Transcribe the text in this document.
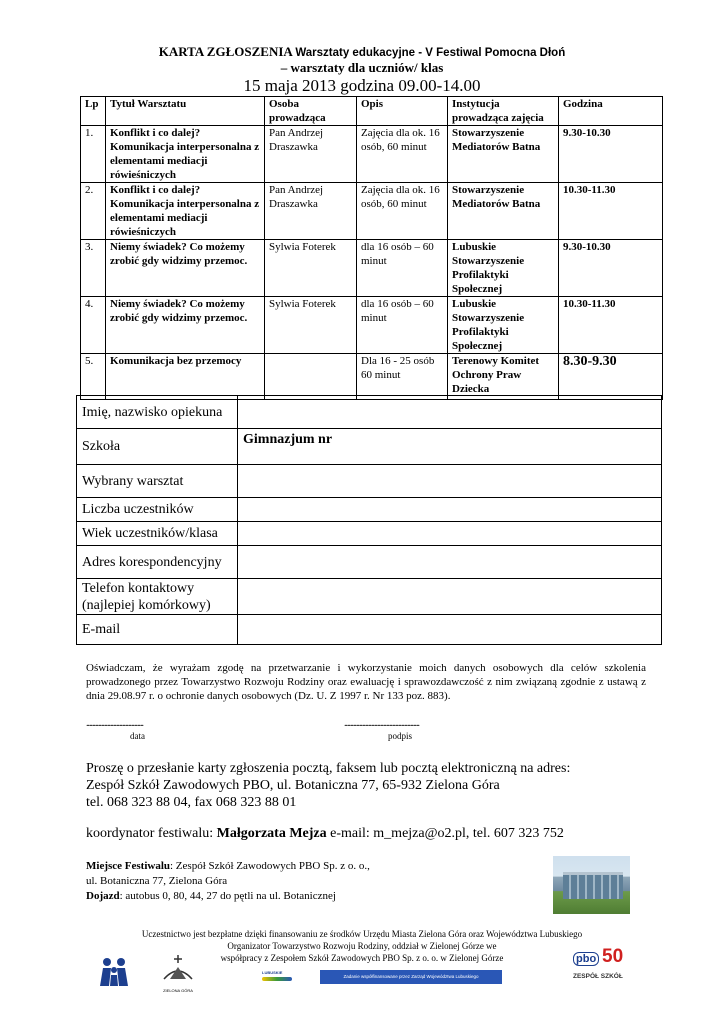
KARTA ZGŁOSZENIA Warsztaty edukacyjne - V Festiwal Pomocna Dłoń
– warsztaty dla uczniów/ klas
15 maja 2013 godzina 09.00-14.00
Lp	Tytuł Warsztatu	Osoba prowadząca	Opis	Instytucja prowadząca zajęcia	Godzina
1.	Konflikt i co dalej? Komunikacja interpersonalna z elementami mediacji rówieśniczych	Pan Andrzej Draszawka	Zajęcia dla ok. 16 osób, 60 minut	Stowarzyszenie Mediatorów Batna	9.30-10.30
2.	Konflikt i co dalej? Komunikacja interpersonalna z elementami mediacji rówieśniczych	Pan Andrzej Draszawka	Zajęcia dla ok. 16 osób, 60 minut	Stowarzyszenie Mediatorów Batna	10.30-11.30
3.	Niemy świadek? Co możemy zrobić gdy widzimy przemoc.	Sylwia Foterek	dla 16 osób – 60 minut	Lubuskie Stowarzyszenie Profilaktyki Społecznej	9.30-10.30
4.	Niemy świadek? Co możemy zrobić gdy widzimy przemoc.	Sylwia Foterek	dla 16 osób – 60 minut	Lubuskie Stowarzyszenie Profilaktyki Społecznej	10.30-11.30
5.	Komunikacja bez przemocy		Dla 16 - 25 osób 60 minut	Terenowy Komitet Ochrony Praw Dziecka	8.30-9.30
Imię, nazwisko opiekuna	
Szkoła	Gimnazjum nr
Wybrany warsztat	
Liczba uczestników	
Wiek uczestników/klasa	
Adres korespondencyjny	
Telefon kontaktowy (najlepiej komórkowy)	
E-mail	
Oświadczam, że wyrażam zgodę na przetwarzanie i wykorzystanie moich danych osobowych dla celów szkolenia prowadzonego przez Towarzystwo Rozwoju Rodziny oraz ewaluację i sprawozdawczość z nim związaną zgodnie z ustawą z dnia 29.08.97 r. o ochronie danych osobowych (Dz. U. Z 1997 r. Nr 133 poz. 883).
......................................	..................................................
data	podpis
Proszę o przesłanie karty zgłoszenia pocztą, faksem lub pocztą elektroniczną na adres:
Zespół Szkół Zawodowych PBO, ul. Botaniczna 77, 65-932 Zielona Góra
tel. 068 323 88 04, fax 068 323 88 01
koordynator festiwalu: Małgorzata Mejza e-mail: m_mejza@o2.pl, tel. 607 323 752
Miejsce Festiwalu: Zespół Szkół Zawodowych PBO Sp. z o. o.,
ul. Botaniczna 77, Zielona Góra
Dojazd: autobus 0, 80, 44, 27 do pętli na ul. Botanicznej
Uczestnictwo jest bezpłatne dzięki finansowaniu ze środków Urzędu Miasta Zielona Góra oraz Województwa Lubuskiego
Organizator Towarzystwo Rozwoju Rodziny, oddział w Zielonej Górze we
współpracy z Zespołem Szkół Zawodowych PBO Sp. z o. o. w Zielonej Górze
ZIELONA GÓRA
LUBUSKIE
Zadanie współfinansowane przez Zarząd Województwa Lubuskiego
pbo 50
ZESPÓŁ SZKÓŁ
